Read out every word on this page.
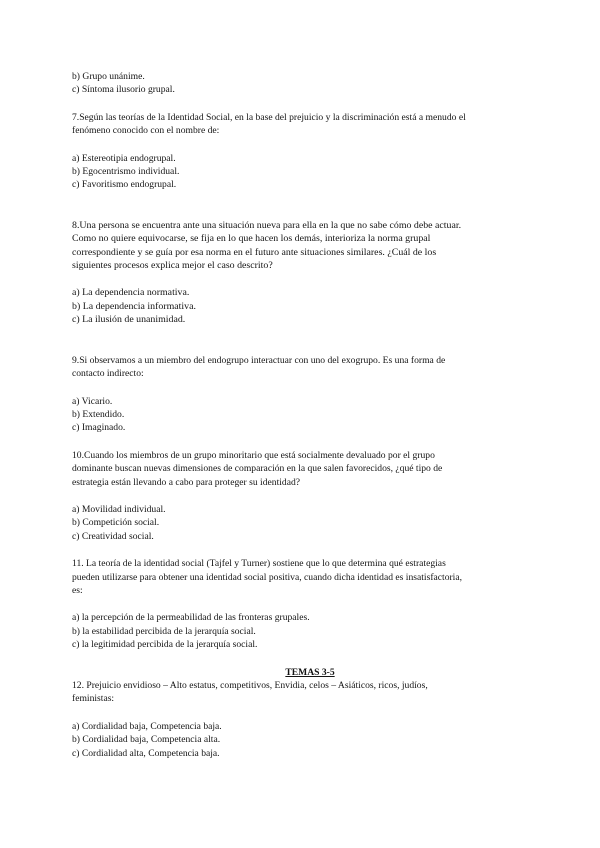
b) Grupo unánime.
c) Síntoma ilusorio grupal.
7.Según las teorías de la Identidad Social, en la base del prejuicio y la discriminación está a menudo el
fenómeno conocido con el nombre de:
a) Estereotipia endogrupal.
b) Egocentrismo individual.
c) Favoritismo endogrupal.
8.Una persona se encuentra ante una situación nueva para ella en la que no sabe cómo debe actuar.
Como no quiere equivocarse, se fija en lo que hacen los demás, interioriza la norma grupal
correspondiente y se guía por esa norma en el futuro ante situaciones similares. ¿Cuál de los
siguientes procesos explica mejor el caso descrito?
a) La dependencia normativa.
b) La dependencia informativa.
c) La ilusión de unanimidad.
9.Si observamos a un miembro del endogrupo interactuar con uno del exogrupo. Es una forma de
contacto indirecto:
a) Vicario.
b) Extendido.
c) Imaginado.
10.Cuando los miembros de un grupo minoritario que está socialmente devaluado por el grupo
dominante buscan nuevas dimensiones de comparación en la que salen favorecidos, ¿qué tipo de
estrategia están llevando a cabo para proteger su identidad?
a) Movilidad individual.
b) Competición social.
c) Creatividad social.
11. La teoría de la identidad social (Tajfel y Turner) sostiene que lo que determina qué estrategias
pueden utilizarse para obtener una identidad social positiva, cuando dicha identidad es insatisfactoria,
es:
a) la percepción de la permeabilidad de las fronteras grupales.
b) la estabilidad percibida de la jerarquía social.
c) la legitimidad percibida de la jerarquía social.
TEMAS 3-5
12. Prejuicio envidioso – Alto estatus, competitivos, Envidia, celos – Asiáticos, ricos, judíos,
feministas:
a) Cordialidad baja, Competencia baja.
b) Cordialidad baja, Competencia alta.
c) Cordialidad alta, Competencia baja.
